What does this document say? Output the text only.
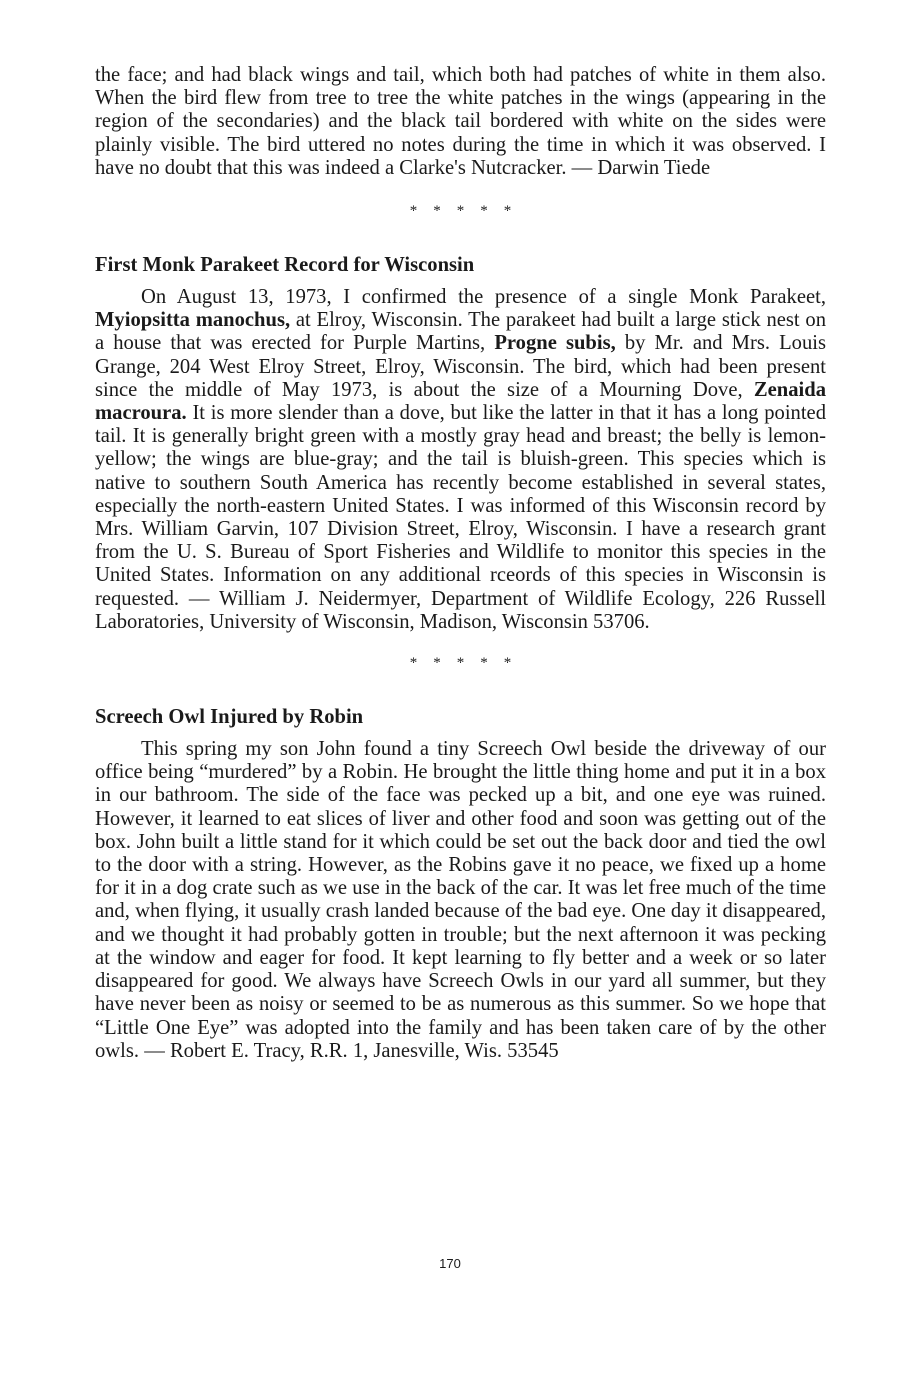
the face; and had black wings and tail, which both had patches of white in them also. When the bird flew from tree to tree the white patches in the wings (appearing in the region of the secondaries) and the black tail bordered with white on the sides were plainly visible. The bird uttered no notes during the time in which it was observed. I have no doubt that this was indeed a Clarke's Nutcracker. — Darwin Tiede

* * * * *

First Monk Parakeet Record for Wisconsin

On August 13, 1973, I confirmed the presence of a single Monk Parakeet, Myiopsitta manochus, at Elroy, Wisconsin. The parakeet had built a large stick nest on a house that was erected for Purple Martins, Progne subis, by Mr. and Mrs. Louis Grange, 204 West Elroy Street, Elroy, Wisconsin. The bird, which had been present since the middle of May 1973, is about the size of a Mourning Dove, Zenaida macroura. It is more slender than a dove, but like the latter in that it has a long pointed tail. It is generally bright green with a mostly gray head and breast; the belly is lemon-yellow; the wings are blue-gray; and the tail is bluish-green. This species which is native to southern South America has recently become established in several states, especially the north-eastern United States. I was informed of this Wisconsin record by Mrs. William Garvin, 107 Division Street, Elroy, Wisconsin. I have a research grant from the U. S. Bureau of Sport Fisheries and Wildlife to monitor this species in the United States. Information on any additional rceords of this species in Wisconsin is requested. — William J. Neidermyer, Department of Wildlife Ecology, 226 Russell Laboratories, University of Wisconsin, Madison, Wisconsin 53706.

* * * * *

Screech Owl Injured by Robin

This spring my son John found a tiny Screech Owl beside the driveway of our office being “murdered” by a Robin. He brought the little thing home and put it in a box in our bathroom. The side of the face was pecked up a bit, and one eye was ruined. However, it learned to eat slices of liver and other food and soon was getting out of the box. John built a little stand for it which could be set out the back door and tied the owl to the door with a string. However, as the Robins gave it no peace, we fixed up a home for it in a dog crate such as we use in the back of the car. It was let free much of the time and, when flying, it usually crash landed because of the bad eye. One day it disappeared, and we thought it had probably gotten in trouble; but the next afternoon it was pecking at the window and eager for food. It kept learning to fly better and a week or so later disappeared for good. We always have Screech Owls in our yard all summer, but they have never been as noisy or seemed to be as numerous as this summer. So we hope that “Little One Eye” was adopted into the family and has been taken care of by the other owls. — Robert E. Tracy, R.R. 1, Janesville, Wis. 53545

170
